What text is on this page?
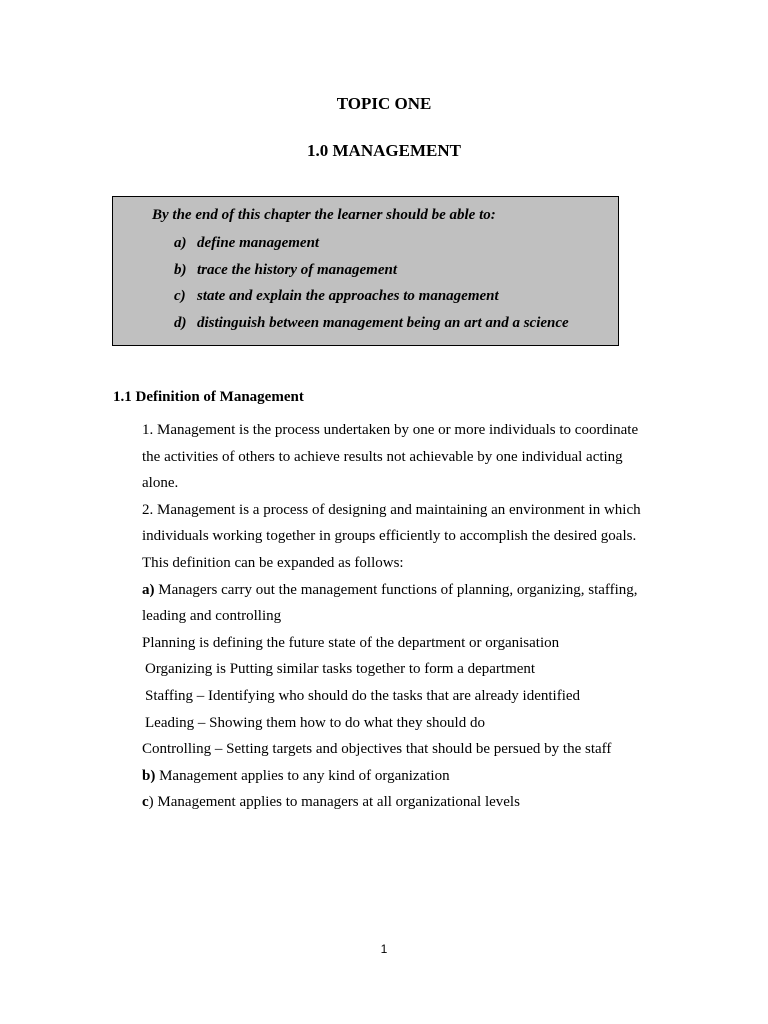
TOPIC ONE
1.0 MANAGEMENT
By the end of this chapter the learner should be able to:
a) define management
b) trace the history of management
c) state and explain the approaches to management
d) distinguish between management being an art and a science
1.1 Definition of Management
1. Management is the process undertaken by one or more individuals to coordinate
the activities of others to achieve results not achievable by one individual acting
alone.
2. Management is a process of designing and maintaining an environment in which
individuals working together in groups efficiently to accomplish the desired goals.
This definition can be expanded as follows:
a) Managers carry out the management functions of planning, organizing, staffing,
leading and controlling
Planning is defining the future state of the department or organisation
Organizing is Putting similar tasks together to form a department
Staffing – Identifying who should do the tasks that are already identified
Leading – Showing them how to do what they should do
Controlling – Setting targets and objectives that should be persued by the staff
b) Management applies to any kind of organization
c) Management applies to managers at all organizational levels
1
